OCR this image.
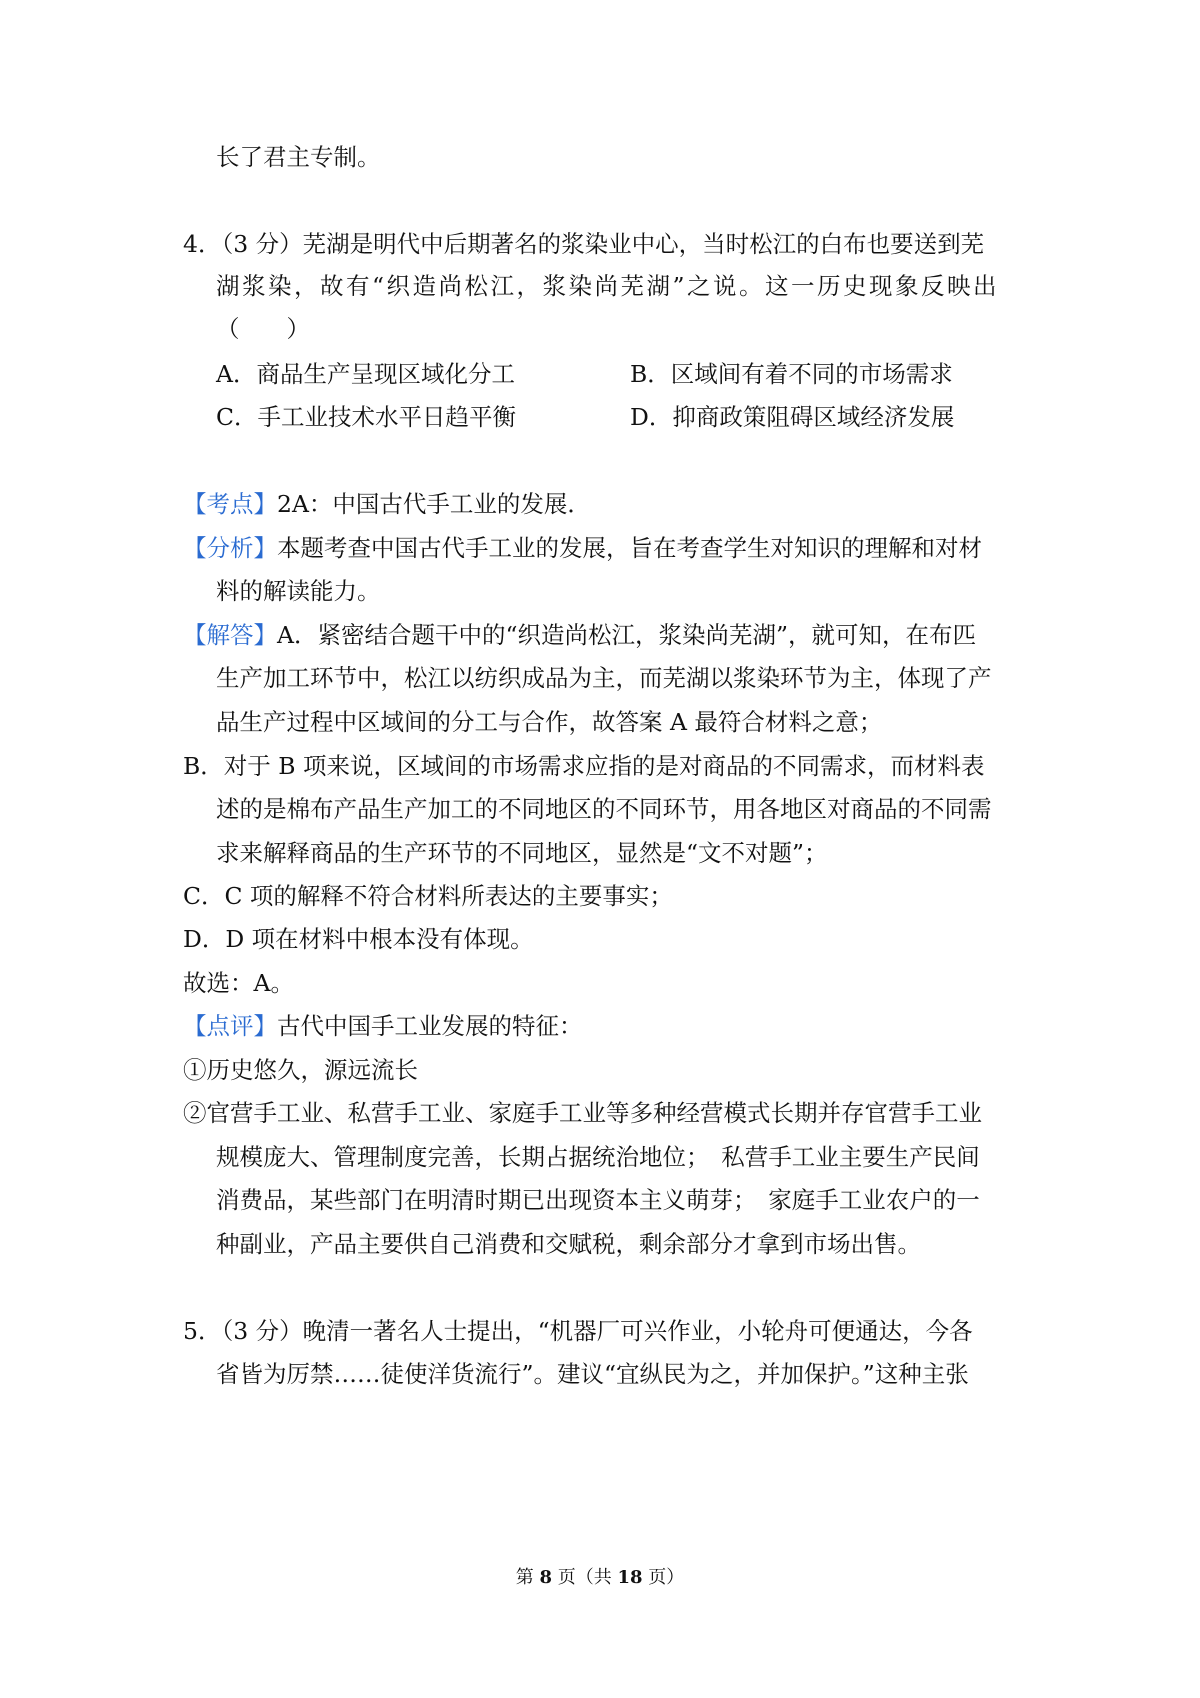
长了君主专制。
4．（3 分）芜湖是明代中后期著名的浆染业中心，当时松江的白布也要送到芜
湖浆染，故有“织造尚松江，浆染尚芜湖”之说。这一历史现象反映出
（　　）
A．商品生产呈现区域化分工	B．区域间有着不同的市场需求
C．手工业技术水平日趋平衡	D．抑商政策阻碍区域经济发展
【考点】2A：中国古代手工业的发展．
【分析】本题考查中国古代手工业的发展，旨在考查学生对知识的理解和对材
料的解读能力。
【解答】A．紧密结合题干中的“织造尚松江，浆染尚芜湖”，就可知，在布匹
生产加工环节中，松江以纺织成品为主，而芜湖以浆染环节为主，体现了产
品生产过程中区域间的分工与合作，故答案 A 最符合材料之意；
B．对于 B 项来说，区域间的市场需求应指的是对商品的不同需求，而材料表
述的是棉布产品生产加工的不同地区的不同环节，用各地区对商品的不同需
求来解释商品的生产环节的不同地区，显然是“文不对题”；
C．C 项的解释不符合材料所表达的主要事实；
D．D 项在材料中根本没有体现。
故选：A。
【点评】古代中国手工业发展的特征：
①历史悠久，源远流长
②官营手工业、私营手工业、家庭手工业等多种经营模式长期并存官营手工业
规模庞大、管理制度完善，长期占据统治地位；　私营手工业主要生产民间
消费品，某些部门在明清时期已出现资本主义萌芽；　家庭手工业农户的一
种副业，产品主要供自己消费和交赋税，剩余部分才拿到市场出售。
5．（3 分）晚清一著名人士提出，“机器厂可兴作业，小轮舟可便通达，今各
省皆为厉禁……徒使洋货流行”。建议“宜纵民为之，并加保护。”这种主张
第 8 页（共 18 页）
